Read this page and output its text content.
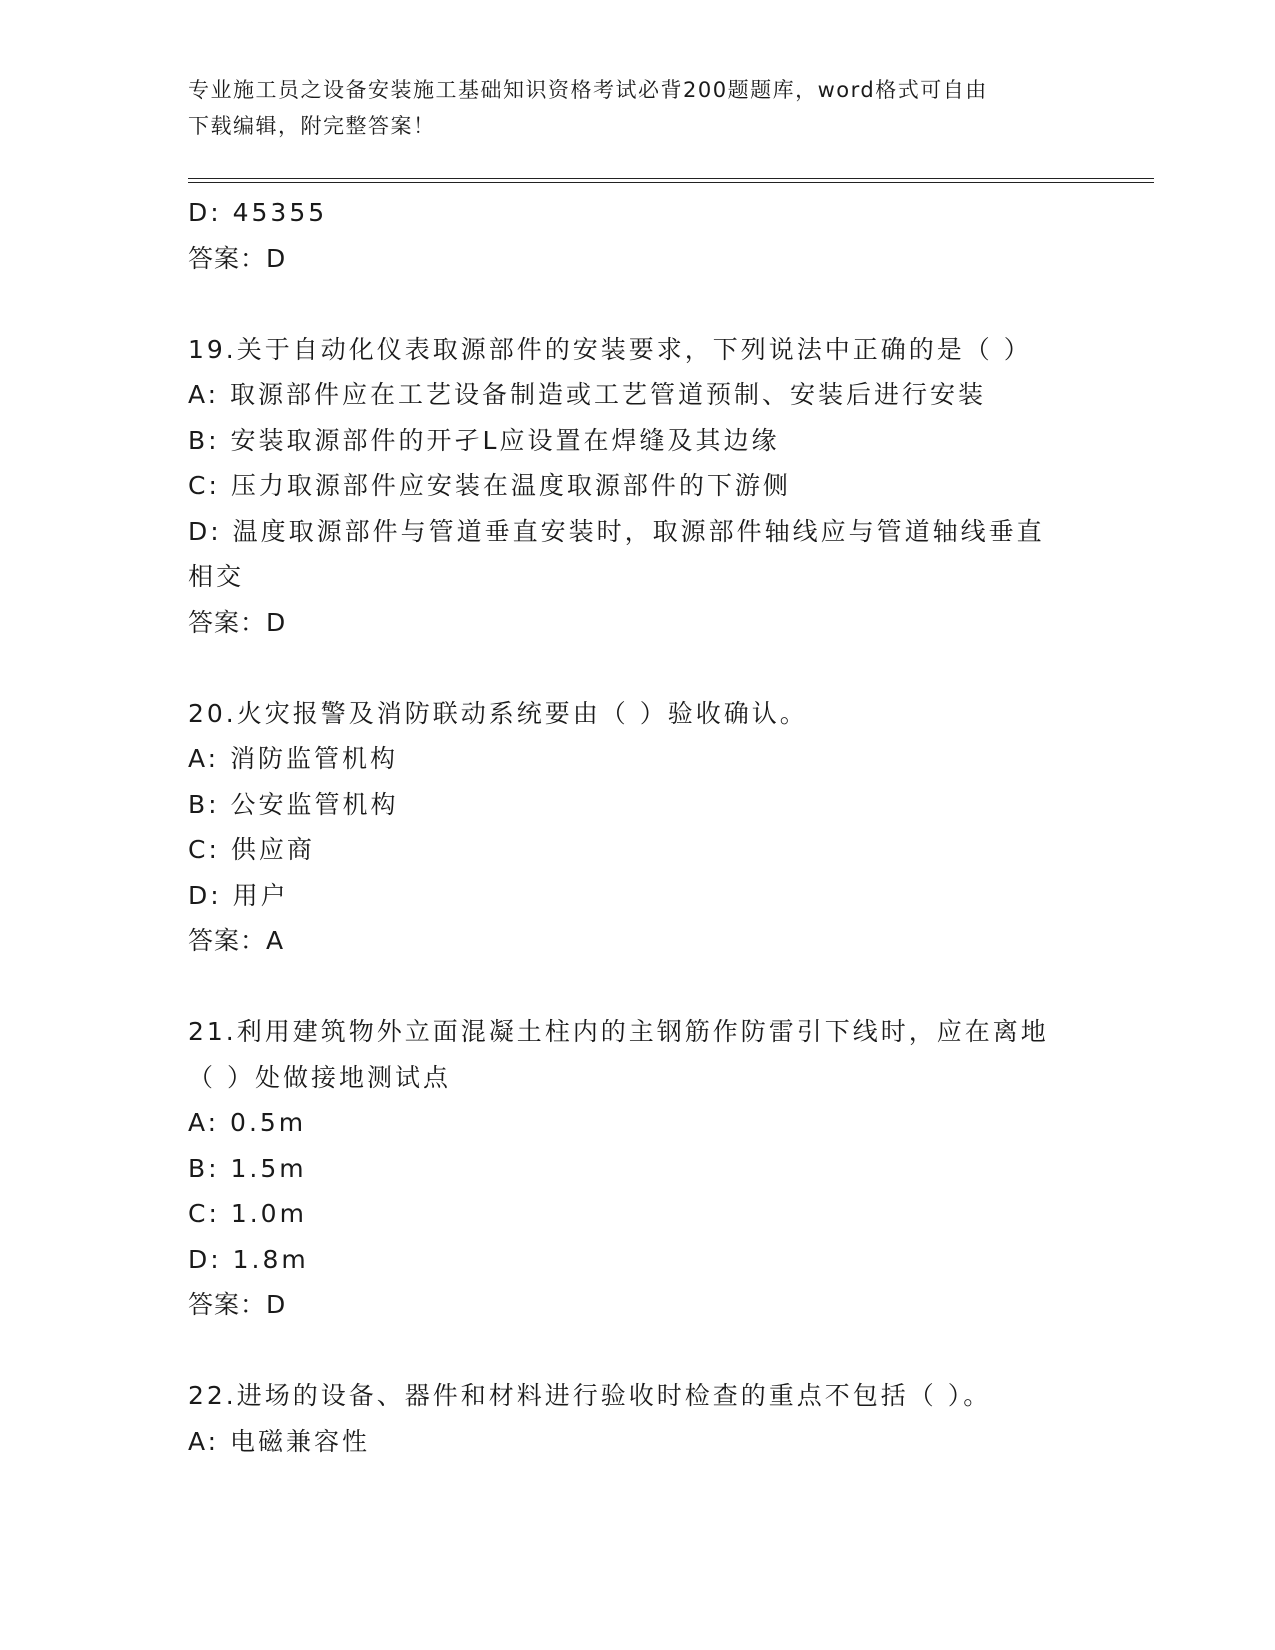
专业施工员之设备安装施工基础知识资格考试必背200题题库，word格式可自由
下载编辑，附完整答案！
D: 45355
答案：D
19.关于自动化仪表取源部件的安装要求，下列说法中正确的是（ ）
A: 取源部件应在工艺设备制造或工艺管道预制、安装后进行安装
B: 安装取源部件的开孑L应设置在焊缝及其边缘
C: 压力取源部件应安装在温度取源部件的下游侧
D: 温度取源部件与管道垂直安装时，取源部件轴线应与管道轴线垂直
相交
答案：D
20.火灾报警及消防联动系统要由（ ）验收确认。
A: 消防监管机构
B: 公安监管机构
C: 供应商
D: 用户
答案：A
21.利用建筑物外立面混凝土柱内的主钢筋作防雷引下线时，应在离地
（ ）处做接地测试点
A: 0.5m
B: 1.5m
C: 1.0m
D: 1.8m
答案：D
22.进场的设备、器件和材料进行验收时检查的重点不包括（ ）。
A: 电磁兼容性
